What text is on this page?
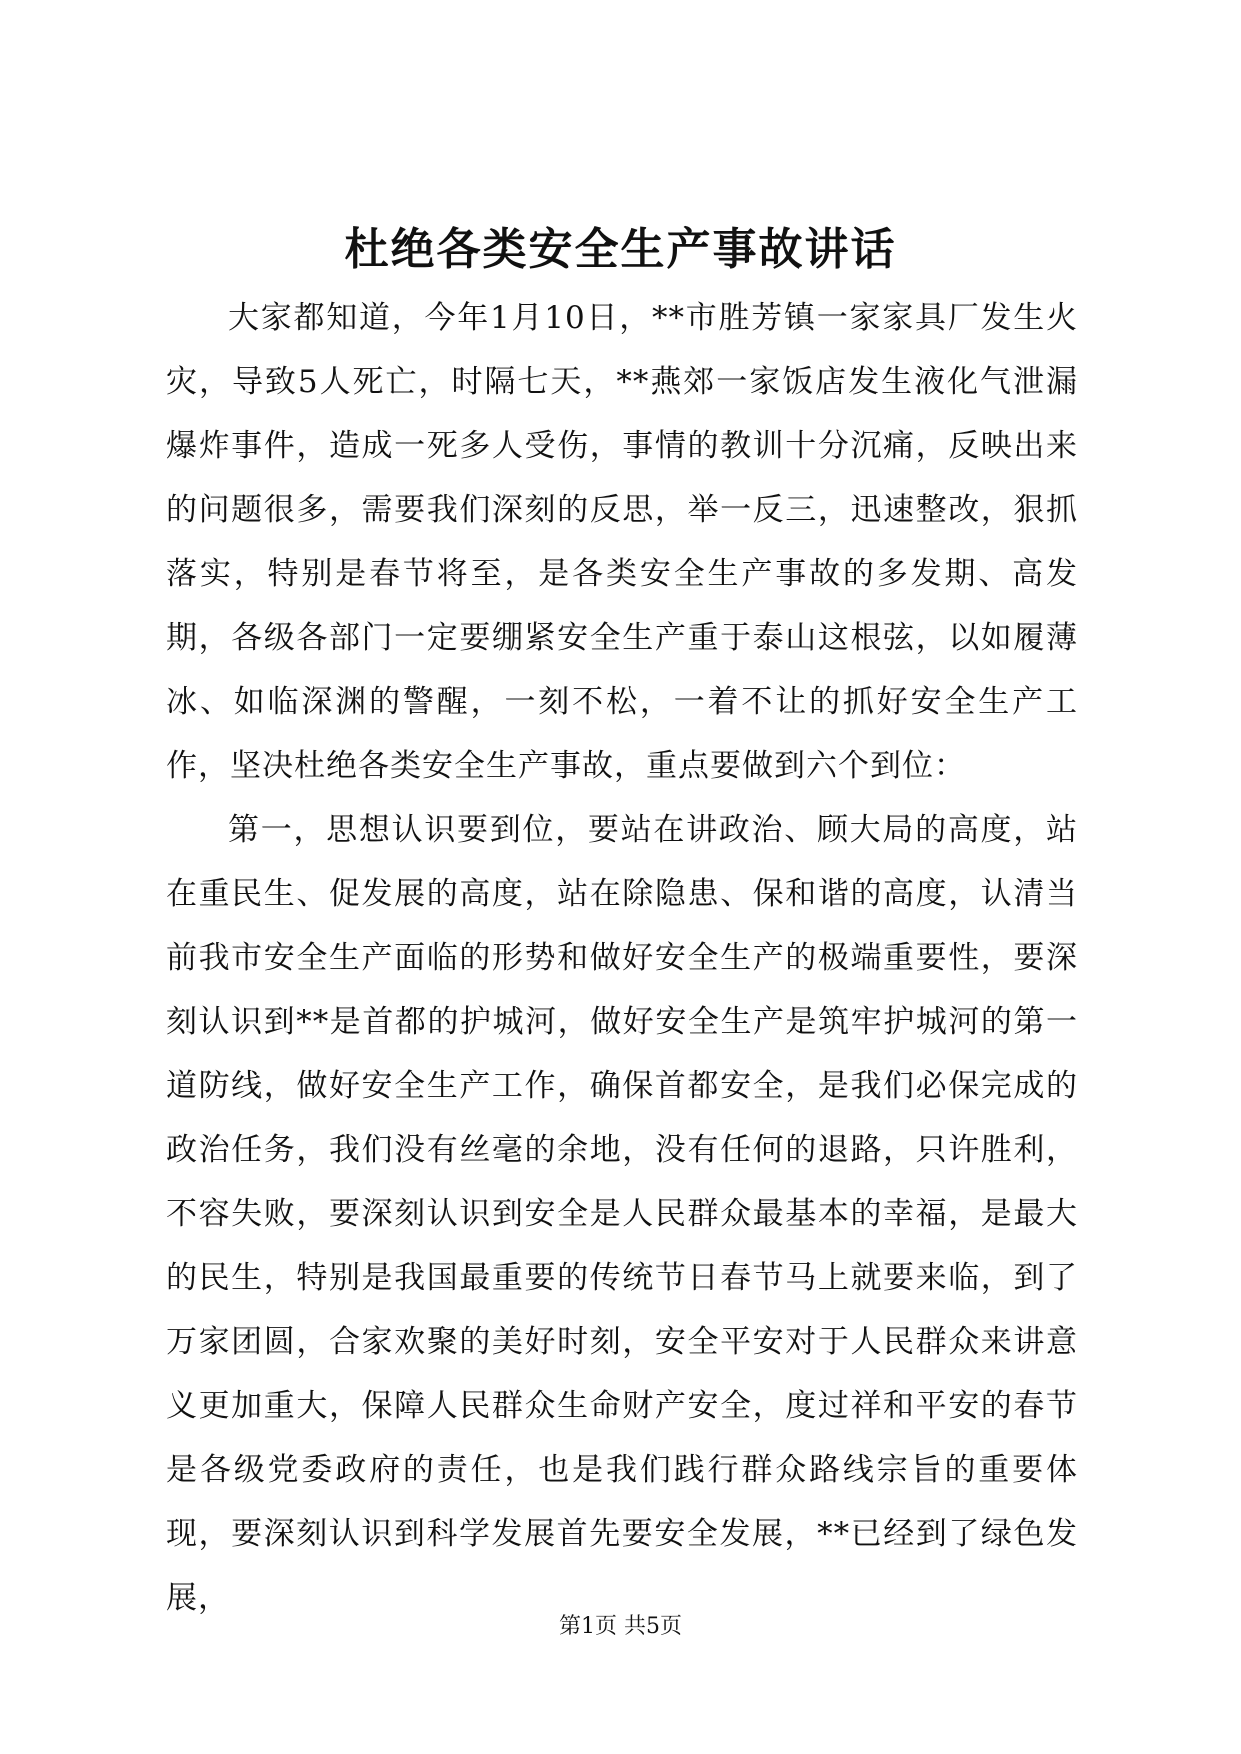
杜绝各类安全生产事故讲话

大家都知道，今年1月10日，**市胜芳镇一家家具厂发生火灾，导致5人死亡，时隔七天，**燕郊一家饭店发生液化气泄漏爆炸事件，造成一死多人受伤，事情的教训十分沉痛，反映出来的问题很多，需要我们深刻的反思，举一反三，迅速整改，狠抓落实，特别是春节将至，是各类安全生产事故的多发期、高发期，各级各部门一定要绷紧安全生产重于泰山这根弦，以如履薄冰、如临深渊的警醒，一刻不松，一着不让的抓好安全生产工作，坚决杜绝各类安全生产事故，重点要做到六个到位：

第一，思想认识要到位，要站在讲政治、顾大局的高度，站在重民生、促发展的高度，站在除隐患、保和谐的高度，认清当前我市安全生产面临的形势和做好安全生产的极端重要性，要深刻认识到**是首都的护城河，做好安全生产是筑牢护城河的第一道防线，做好安全生产工作，确保首都安全，是我们必保完成的政治任务，我们没有丝毫的余地，没有任何的退路，只许胜利，不容失败，要深刻认识到安全是人民群众最基本的幸福，是最大的民生，特别是我国最重要的传统节日春节马上就要来临，到了万家团圆，合家欢聚的美好时刻，安全平安对于人民群众来讲意义更加重大，保障人民群众生命财产安全，度过祥和平安的春节是各级党委政府的责任，也是我们践行群众路线宗旨的重要体现，要深刻认识到科学发展首先要安全发展，**已经到了绿色发展，

第1页 共5页
